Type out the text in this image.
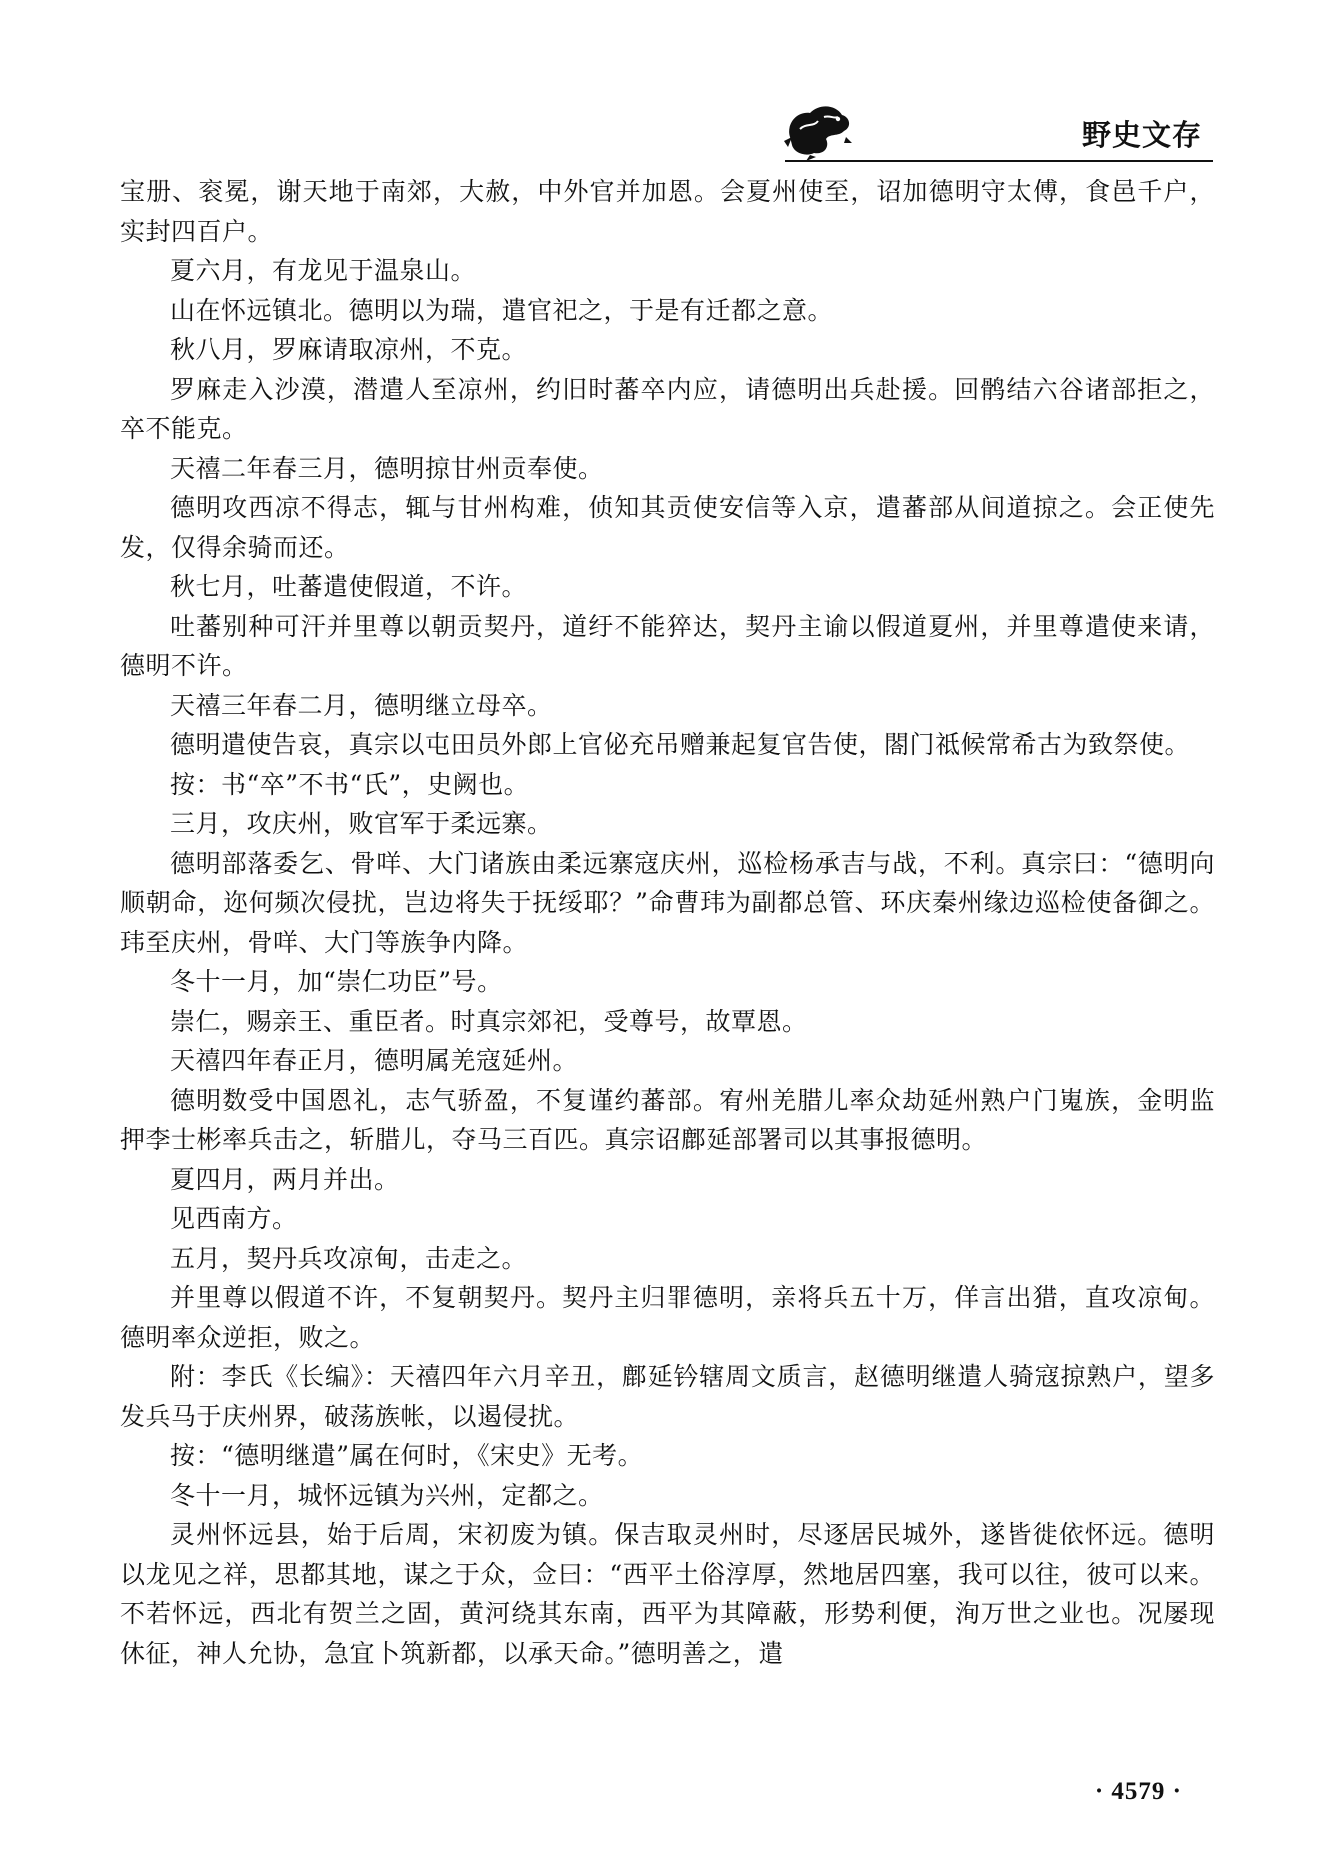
野史文存

宝册、衮冕，谢天地于南郊，大赦，中外官并加恩。会夏州使至，诏加德明守太傅，食邑千户，实封四百户。

夏六月，有龙见于温泉山。

山在怀远镇北。德明以为瑞，遣官祀之，于是有迁都之意。

秋八月，罗麻请取凉州，不克。

罗麻走入沙漠，潜遣人至凉州，约旧时蕃卒内应，请德明出兵赴援。回鹘结六谷诸部拒之，卒不能克。

天禧二年春三月，德明掠甘州贡奉使。

德明攻西凉不得志，辄与甘州构难，侦知其贡使安信等入京，遣蕃部从间道掠之。会正使先发，仅得余骑而还。

秋七月，吐蕃遣使假道，不许。

吐蕃别种可汗并里尊以朝贡契丹，道纡不能猝达，契丹主谕以假道夏州，并里尊遣使来请，德明不许。

天禧三年春二月，德明继立母卒。

德明遣使告哀，真宗以屯田员外郎上官佖充吊赠兼起复官告使，閤门祗候常希古为致祭使。

按：书“卒”不书“氏”，史阙也。

三月，攻庆州，败官军于柔远寨。

德明部落委乞、骨咩、大门诸族由柔远寨寇庆州，巡检杨承吉与战，不利。真宗曰：“德明向顺朝命，迩何频次侵扰，岂边将失于抚绥耶？”命曹玮为副都总管、环庆秦州缘边巡检使备御之。玮至庆州，骨咩、大门等族争内降。

冬十一月，加“崇仁功臣”号。

崇仁，赐亲王、重臣者。时真宗郊祀，受尊号，故覃恩。

天禧四年春正月，德明属羌寇延州。

德明数受中国恩礼，志气骄盈，不复谨约蕃部。宥州羌腊儿率众劫延州熟户门嵬族，金明监押李士彬率兵击之，斩腊儿，夺马三百匹。真宗诏鄜延部署司以其事报德明。

夏四月，两月并出。

见西南方。

五月，契丹兵攻凉甸，击走之。

并里尊以假道不许，不复朝契丹。契丹主归罪德明，亲将兵五十万，佯言出猎，直攻凉甸。德明率众逆拒，败之。

附：李氏《长编》：天禧四年六月辛丑，鄜延钤辖周文质言，赵德明继遣人骑寇掠熟户，望多发兵马于庆州界，破荡族帐，以遏侵扰。

按：“德明继遣”属在何时，《宋史》无考。

冬十一月，城怀远镇为兴州，定都之。

灵州怀远县，始于后周，宋初废为镇。保吉取灵州时，尽逐居民城外，遂皆徙依怀远。德明以龙见之祥，思都其地，谋之于众，佥曰：“西平土俗淳厚，然地居四塞，我可以往，彼可以来。不若怀远，西北有贺兰之固，黄河绕其东南，西平为其障蔽，形势利便，洵万世之业也。况屡现休征，神人允协，急宜卜筑新都，以承天命。”德明善之，遣

· 4579 ·
